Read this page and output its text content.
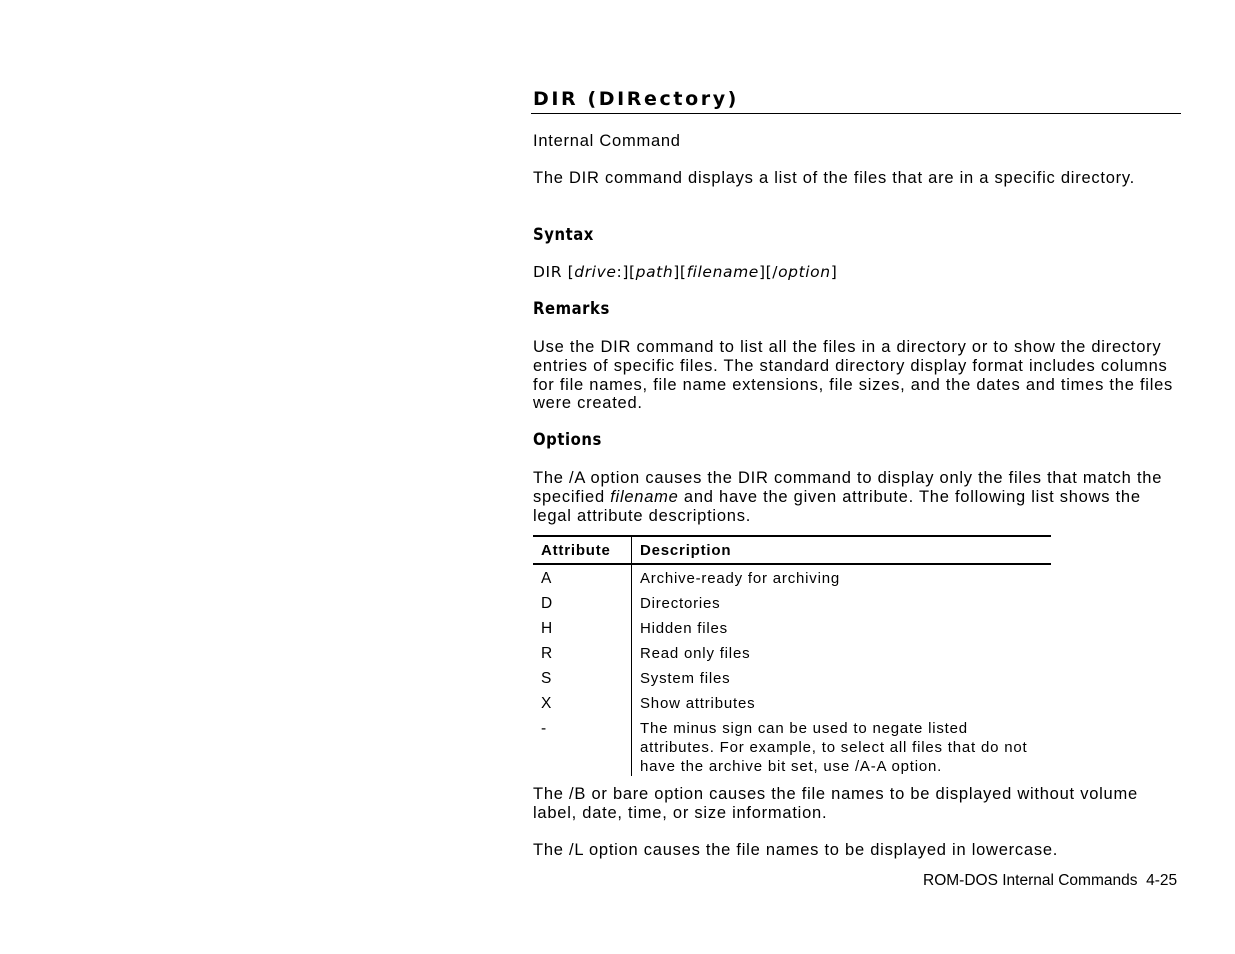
DIR (DIRectory)

Internal Command

The DIR command displays a list of the files that are in a specific directory.

Syntax

DIR [drive:][path][filename][/option]

Remarks

Use the DIR command to list all the files in a directory or to show the directory entries of specific files. The standard directory display format includes columns for file names, file name extensions, file sizes, and the dates and times the files were created.

Options

The /A option causes the DIR command to display only the files that match the specified filename and have the given attribute. The following list shows the legal attribute descriptions.

Attribute	Description
A	Archive-ready for archiving
D	Directories
H	Hidden files
R	Read only files
S	System files
X	Show attributes
-	The minus sign can be used to negate listed attributes. For example, to select all files that do not have the archive bit set, use /A-A option.

The /B or bare option causes the file names to be displayed without volume label, date, time, or size information.

The /L option causes the file names to be displayed in lowercase.

ROM-DOS Internal Commands  4-25
